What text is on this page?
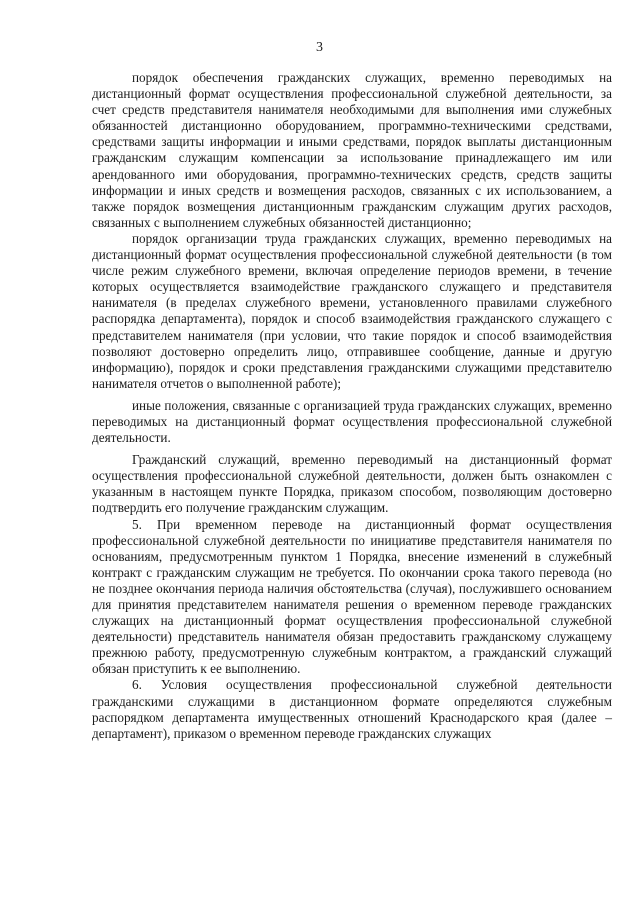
3

порядок обеспечения гражданских служащих, временно переводимых на дистанционный формат осуществления профессиональной служебной деятельности, за счет средств представителя нанимателя необходимыми для выполнения ими служебных обязанностей дистанционно оборудованием, программно-техническими средствами, средствами защиты информации и иными средствами, порядок выплаты дистанционным гражданским служащим компенсации за использование принадлежащего им или арендованного ими оборудования, программно-технических средств, средств защиты информации и иных средств и возмещения расходов, связанных с их использованием, а также порядок возмещения дистанционным гражданским служащим других расходов, связанных с выполнением служебных обязанностей дистанционно;

порядок организации труда гражданских служащих, временно переводимых на дистанционный формат осуществления профессиональной служебной деятельности (в том числе режим служебного времени, включая определение периодов времени, в течение которых осуществляется взаимодействие гражданского служащего и представителя нанимателя (в пределах служебного времени, установленного правилами служебного распорядка департамента), порядок и способ взаимодействия гражданского служащего с представителем нанимателя (при условии, что такие порядок и способ взаимодействия позволяют достоверно определить лицо, отправившее сообщение, данные и другую информацию), порядок и сроки представления гражданскими служащими представителю нанимателя отчетов о выполненной работе);

иные положения, связанные с организацией труда гражданских служащих, временно переводимых на дистанционный формат осуществления профессиональной служебной деятельности.

Гражданский служащий, временно переводимый на дистанционный формат осуществления профессиональной служебной деятельности, должен быть ознакомлен с указанным в настоящем пункте Порядка, приказом способом, позволяющим достоверно подтвердить его получение гражданским служащим.

5. При временном переводе на дистанционный формат осуществления профессиональной служебной деятельности по инициативе представителя нанимателя по основаниям, предусмотренным пунктом 1 Порядка, внесение изменений в служебный контракт с гражданским служащим не требуется. По окончании срока такого перевода (но не позднее окончания периода наличия обстоятельства (случая), послужившего основанием для принятия представителем нанимателя решения о временном переводе гражданских служащих на дистанционный формат осуществления профессиональной служебной деятельности) представитель нанимателя обязан предоставить гражданскому служащему прежнюю работу, предусмотренную служебным контрактом, а гражданский служащий обязан приступить к ее выполнению.

6. Условия осуществления профессиональной служебной деятельности гражданскими служащими в дистанционном формате определяются служебным распорядком департамента имущественных отношений Краснодарского края (далее – департамент), приказом о временном переводе гражданских служащих
